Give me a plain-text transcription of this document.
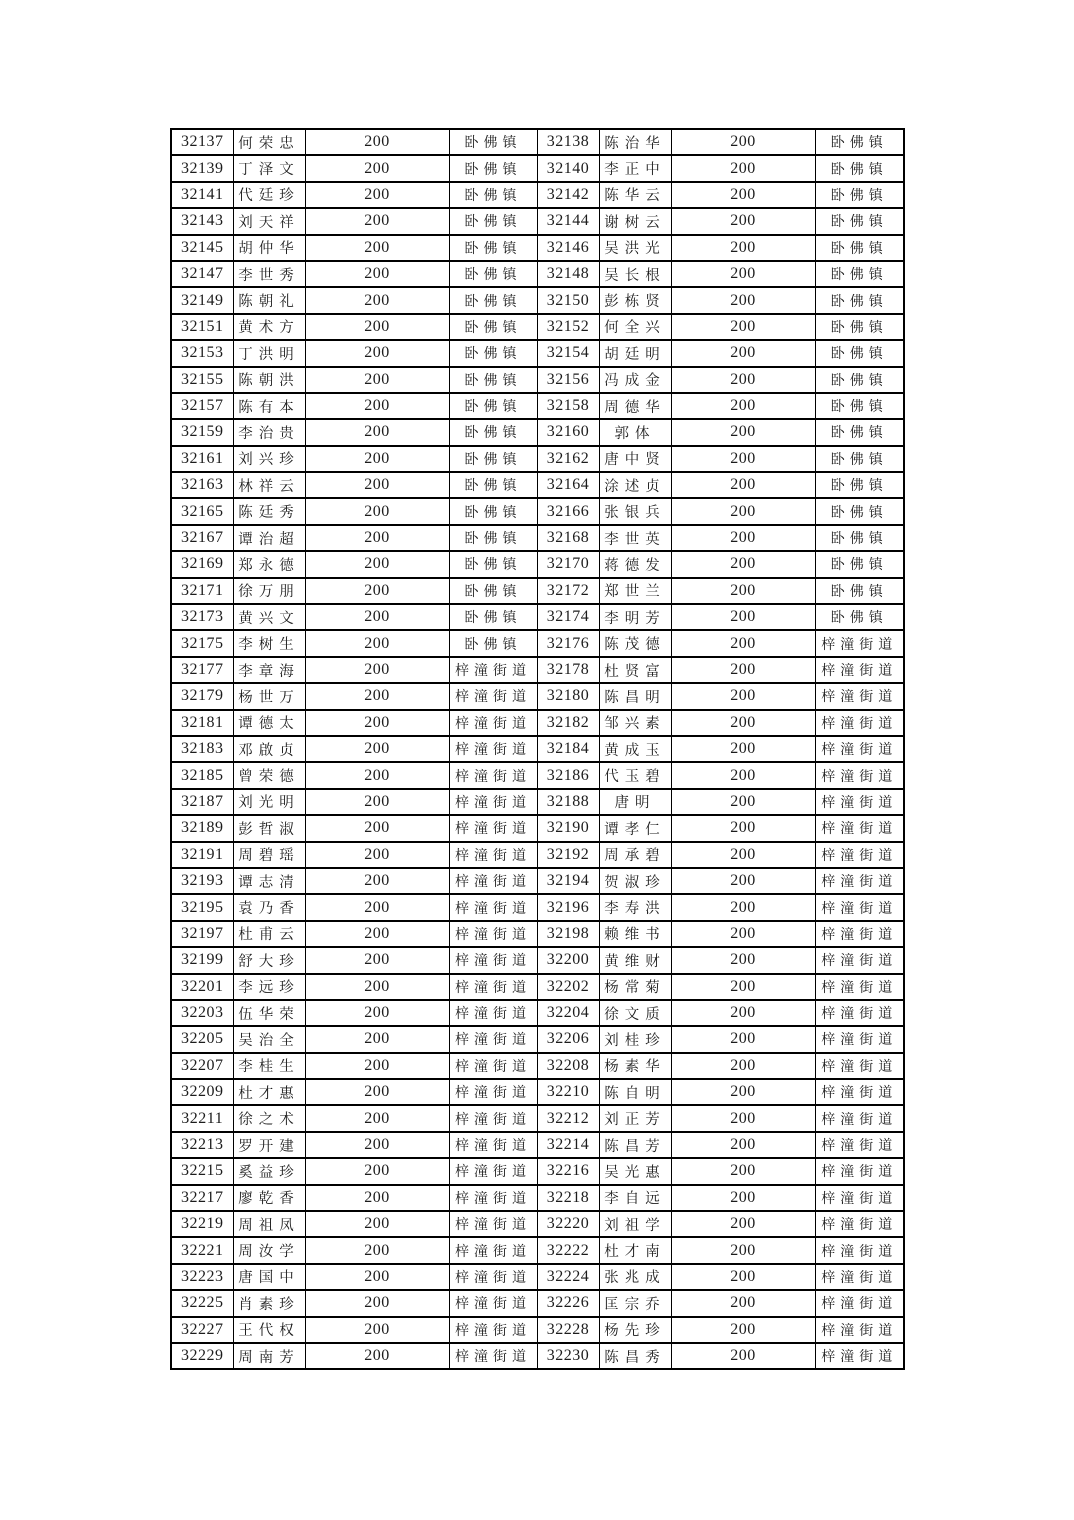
32137	何荣忠	200	卧佛镇	32138	陈治华	200	卧佛镇
32139	丁泽文	200	卧佛镇	32140	李正中	200	卧佛镇
32141	代廷珍	200	卧佛镇	32142	陈华云	200	卧佛镇
32143	刘天祥	200	卧佛镇	32144	谢树云	200	卧佛镇
32145	胡仲华	200	卧佛镇	32146	吴洪光	200	卧佛镇
32147	李世秀	200	卧佛镇	32148	吴长根	200	卧佛镇
32149	陈朝礼	200	卧佛镇	32150	彭栋贤	200	卧佛镇
32151	黄术方	200	卧佛镇	32152	何全兴	200	卧佛镇
32153	丁洪明	200	卧佛镇	32154	胡廷明	200	卧佛镇
32155	陈朝洪	200	卧佛镇	32156	冯成金	200	卧佛镇
32157	陈有本	200	卧佛镇	32158	周德华	200	卧佛镇
32159	李治贵	200	卧佛镇	32160	郭体	200	卧佛镇
32161	刘兴珍	200	卧佛镇	32162	唐中贤	200	卧佛镇
32163	林祥云	200	卧佛镇	32164	涂述贞	200	卧佛镇
32165	陈廷秀	200	卧佛镇	32166	张银兵	200	卧佛镇
32167	谭治超	200	卧佛镇	32168	李世英	200	卧佛镇
32169	郑永德	200	卧佛镇	32170	蒋德发	200	卧佛镇
32171	徐万朋	200	卧佛镇	32172	郑世兰	200	卧佛镇
32173	黄兴文	200	卧佛镇	32174	李明芳	200	卧佛镇
32175	李树生	200	卧佛镇	32176	陈茂德	200	梓潼街道
32177	李章海	200	梓潼街道	32178	杜贤富	200	梓潼街道
32179	杨世万	200	梓潼街道	32180	陈昌明	200	梓潼街道
32181	谭德太	200	梓潼街道	32182	邹兴素	200	梓潼街道
32183	邓啟贞	200	梓潼街道	32184	黄成玉	200	梓潼街道
32185	曾荣德	200	梓潼街道	32186	代玉碧	200	梓潼街道
32187	刘光明	200	梓潼街道	32188	唐明	200	梓潼街道
32189	彭哲淑	200	梓潼街道	32190	谭孝仁	200	梓潼街道
32191	周碧瑶	200	梓潼街道	32192	周承碧	200	梓潼街道
32193	谭志清	200	梓潼街道	32194	贺淑珍	200	梓潼街道
32195	袁乃香	200	梓潼街道	32196	李寿洪	200	梓潼街道
32197	杜甫云	200	梓潼街道	32198	赖维书	200	梓潼街道
32199	舒大珍	200	梓潼街道	32200	黄维财	200	梓潼街道
32201	李远珍	200	梓潼街道	32202	杨常菊	200	梓潼街道
32203	伍华荣	200	梓潼街道	32204	徐文质	200	梓潼街道
32205	吴治全	200	梓潼街道	32206	刘桂珍	200	梓潼街道
32207	李桂生	200	梓潼街道	32208	杨素华	200	梓潼街道
32209	杜才惠	200	梓潼街道	32210	陈自明	200	梓潼街道
32211	徐之术	200	梓潼街道	32212	刘正芳	200	梓潼街道
32213	罗开建	200	梓潼街道	32214	陈昌芳	200	梓潼街道
32215	奚益珍	200	梓潼街道	32216	吴光惠	200	梓潼街道
32217	廖乾香	200	梓潼街道	32218	李自远	200	梓潼街道
32219	周祖凤	200	梓潼街道	32220	刘祖学	200	梓潼街道
32221	周汝学	200	梓潼街道	32222	杜才南	200	梓潼街道
32223	唐国中	200	梓潼街道	32224	张兆成	200	梓潼街道
32225	肖素珍	200	梓潼街道	32226	匡宗乔	200	梓潼街道
32227	王代权	200	梓潼街道	32228	杨先珍	200	梓潼街道
32229	周南芳	200	梓潼街道	32230	陈昌秀	200	梓潼街道
